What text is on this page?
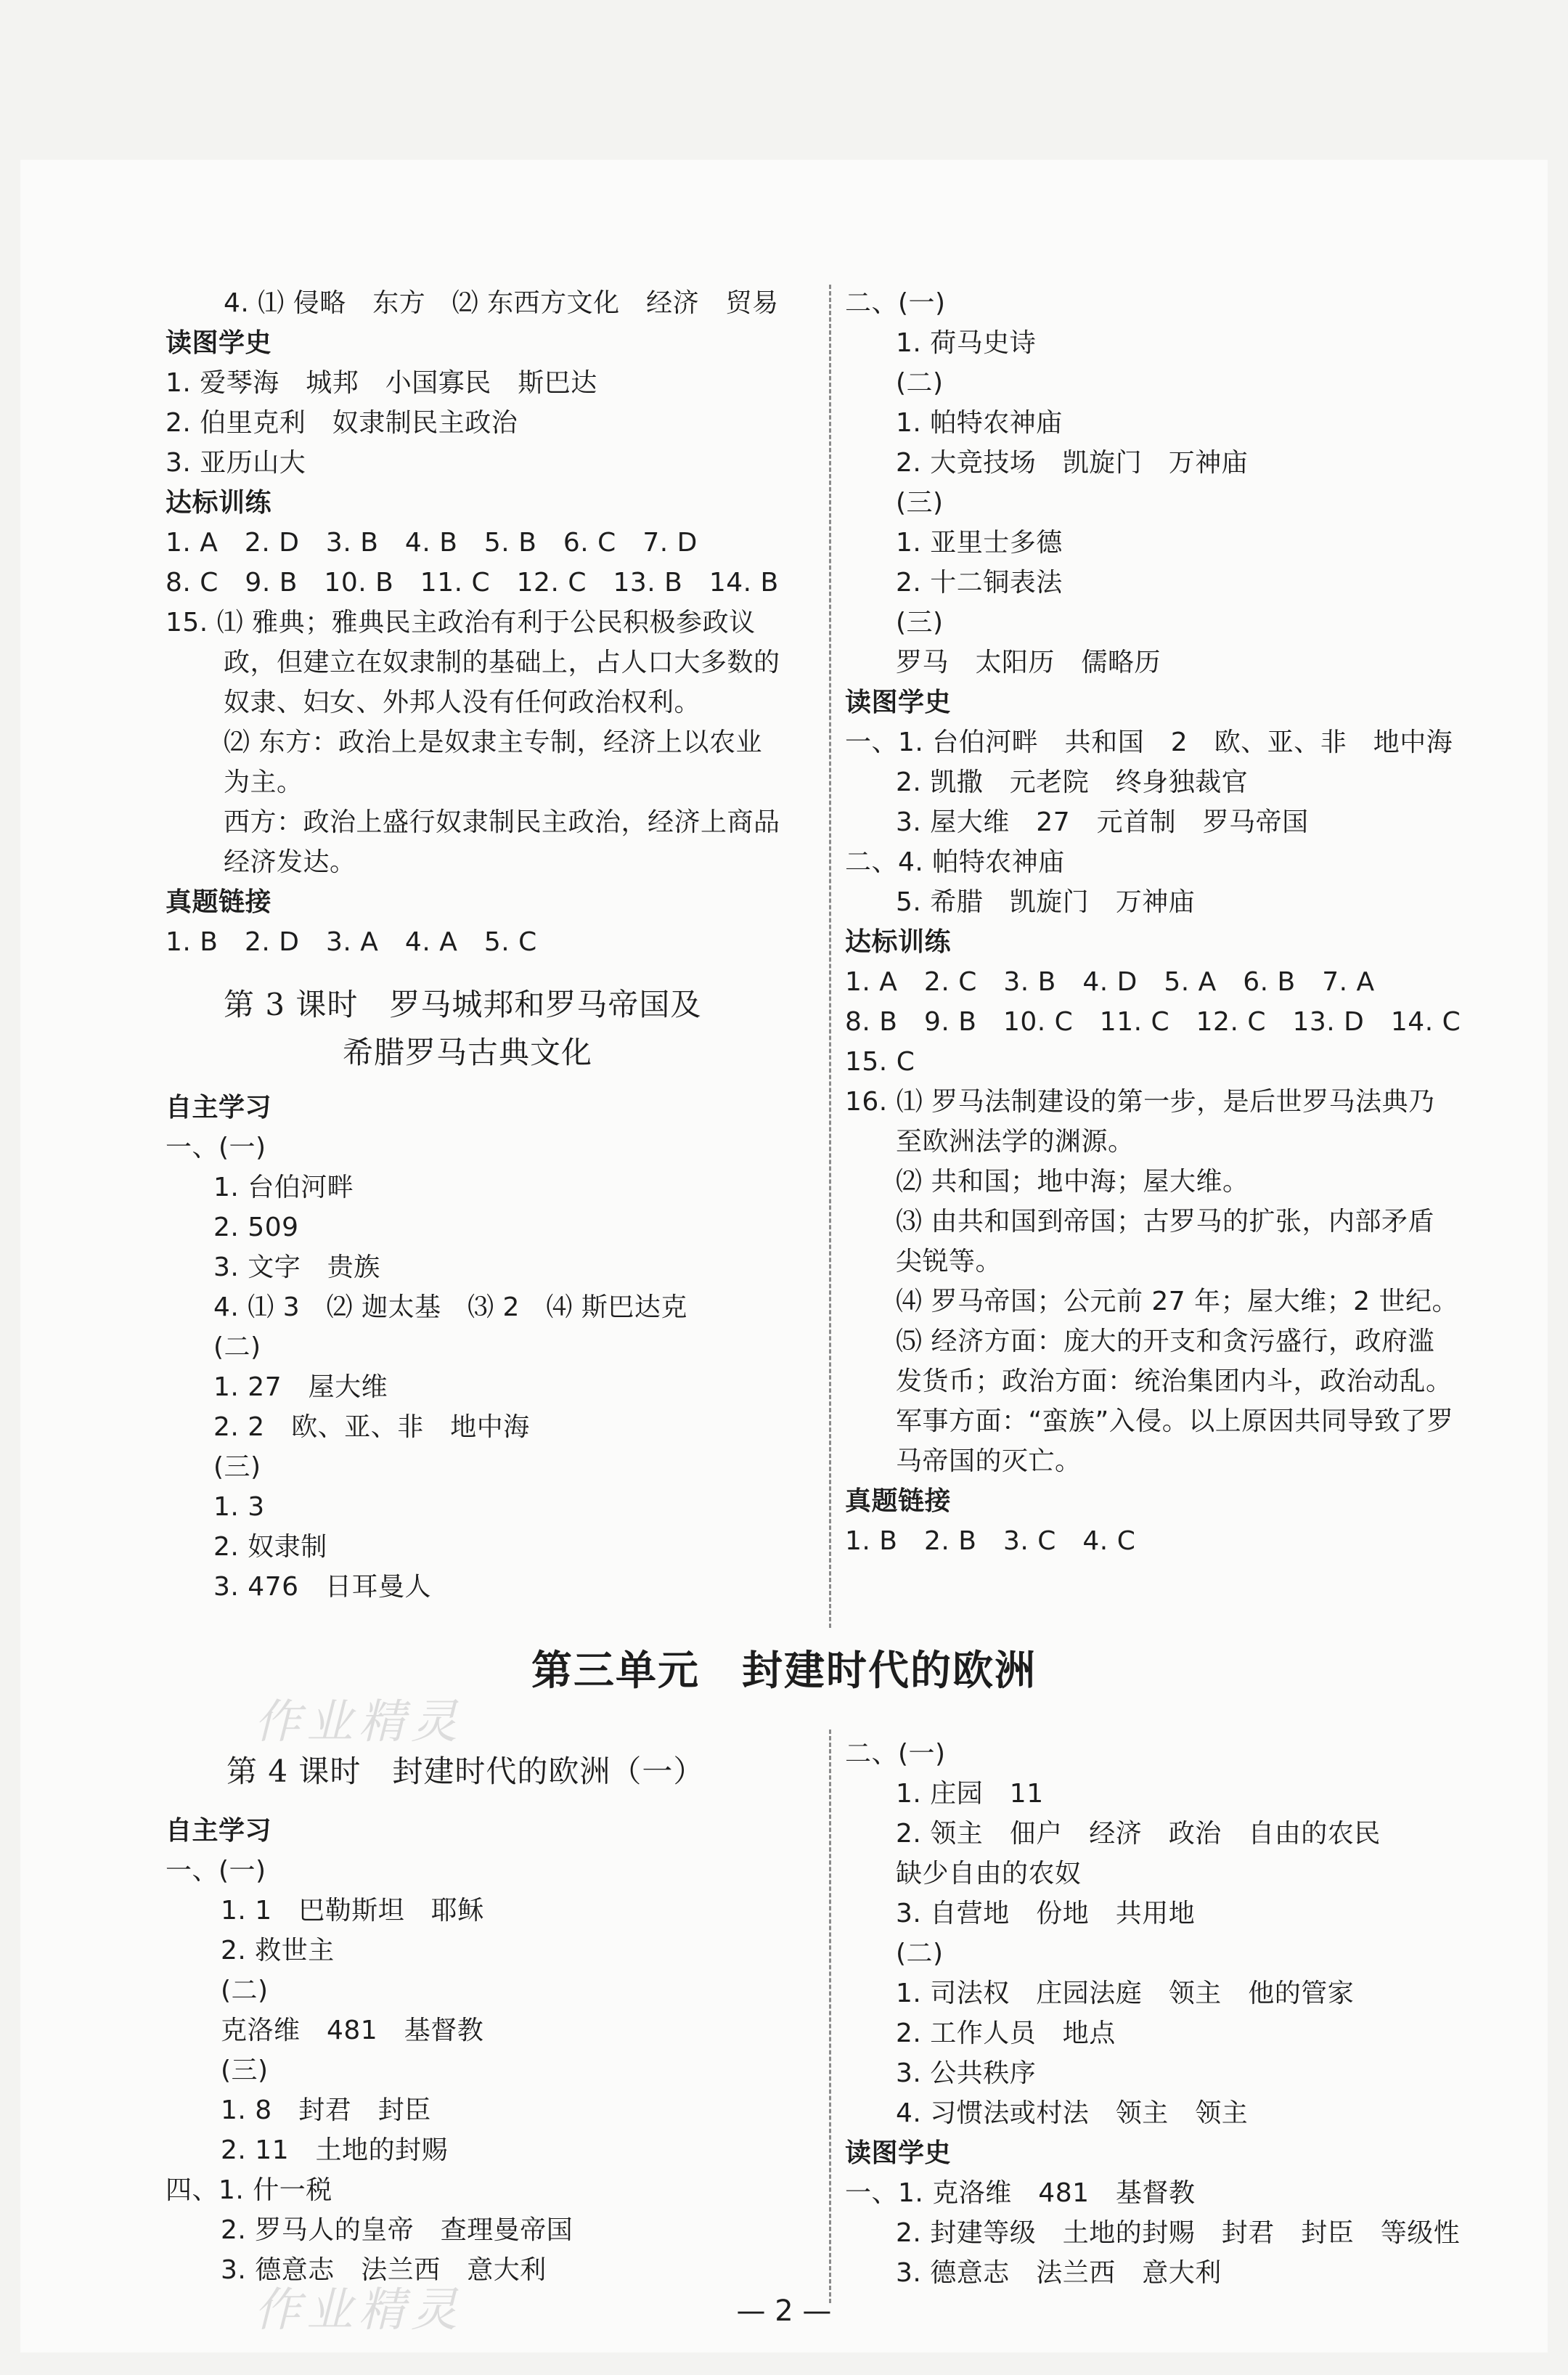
作业精灵
作业精灵
4. ⑴ 侵略　东方　⑵ 东西方文化　经济　贸易
读图学史
1. 爱琴海　城邦　小国寡民　斯巴达
2. 伯里克利　奴隶制民主政治
3. 亚历山大
达标训练
1. A　2. D　3. B　4. B　5. B　6. C　7. D
8. C　9. B　10. B　11. C　12. C　13. B　14. B
15. ⑴ 雅典；雅典民主政治有利于公民积极参政议
政，但建立在奴隶制的基础上，占人口大多数的
奴隶、妇女、外邦人没有任何政治权利。
⑵ 东方：政治上是奴隶主专制，经济上以农业
为主。
西方：政治上盛行奴隶制民主政治，经济上商品
经济发达。
真题链接
1. B　2. D　3. A　4. A　5. C
第 3 课时　罗马城邦和罗马帝国及
希腊罗马古典文化
自主学习
一、(一)
1. 台伯河畔
2. 509
3. 文字　贵族
4. ⑴ 3　⑵ 迦太基　⑶ 2　⑷ 斯巴达克
(二)
1. 27　屋大维
2. 2　欧、亚、非　地中海
(三)
1. 3
2. 奴隶制
3. 476　日耳曼人
二、(一)
1. 荷马史诗
(二)
1. 帕特农神庙
2. 大竞技场　凯旋门　万神庙
(三)
1. 亚里士多德
2. 十二铜表法
(三)
罗马　太阳历　儒略历
读图学史
一、1. 台伯河畔　共和国　2　欧、亚、非　地中海
2. 凯撒　元老院　终身独裁官
3. 屋大维　27　元首制　罗马帝国
二、4. 帕特农神庙
5. 希腊　凯旋门　万神庙
达标训练
1. A　2. C　3. B　4. D　5. A　6. B　7. A
8. B　9. B　10. C　11. C　12. C　13. D　14. C
15. C
16. ⑴ 罗马法制建设的第一步，是后世罗马法典乃
至欧洲法学的渊源。
⑵ 共和国；地中海；屋大维。
⑶ 由共和国到帝国；古罗马的扩张，内部矛盾
尖锐等。
⑷ 罗马帝国；公元前 27 年；屋大维；2 世纪。
⑸ 经济方面：庞大的开支和贪污盛行，政府滥
发货币；政治方面：统治集团内斗，政治动乱。
军事方面：“蛮族”入侵。以上原因共同导致了罗
马帝国的灭亡。
真题链接
1. B　2. B　3. C　4. C
第三单元　封建时代的欧洲
第 4 课时　封建时代的欧洲（一）
自主学习
一、(一)
1. 1　巴勒斯坦　耶稣
2. 救世主
(二)
克洛维　481　基督教
(三)
1. 8　封君　封臣
2. 11　土地的封赐
四、1. 什一税
2. 罗马人的皇帝　查理曼帝国
3. 德意志　法兰西　意大利
二、(一)
1. 庄园　11
2. 领主　佃户　经济　政治　自由的农民
缺少自由的农奴
3. 自营地　份地　共用地
(二)
1. 司法权　庄园法庭　领主　他的管家
2. 工作人员　地点
3. 公共秩序
4. 习惯法或村法　领主　领主
读图学史
一、1. 克洛维　481　基督教
2. 封建等级　土地的封赐　封君　封臣　等级性
3. 德意志　法兰西　意大利
— 2 —
